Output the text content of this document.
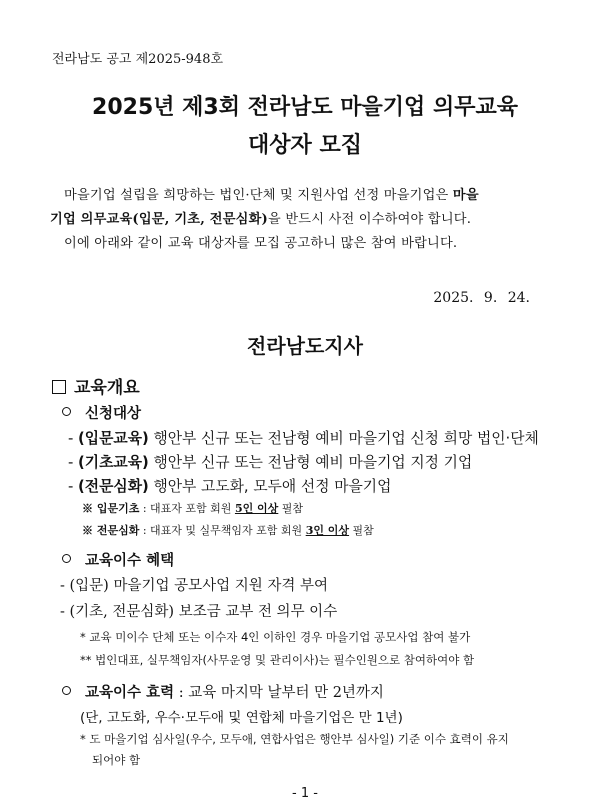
전라남도 공고 제2025-948호
2025년 제3회 전라남도 마을기업 의무교육
대상자 모집
마을기업 설립을 희망하는 법인·단체 및 지원사업 선정 마을기업은 마을
기업 의무교육(입문, 기초, 전문심화)을 반드시 사전 이수하여야 합니다.
이에 아래와 같이 교육 대상자를 모집 공고하니 많은 참여 바랍니다.
2025. 9. 24.
전라남도지사
교육개요
신청대상
- (입문교육) 행안부 신규 또는 전남형 예비 마을기업 신청 희망 법인·단체
- (기초교육) 행안부 신규 또는 전남형 예비 마을기업 지정 기업
- (전문심화) 행안부 고도화, 모두애 선정 마을기업
※ 입문기초 : 대표자 포함 회원 5인 이상 필참
※ 전문심화 : 대표자 및 실무책임자 포함 회원 3인 이상 필참
교육이수 혜택
- (입문) 마을기업 공모사업 지원 자격 부여
- (기초, 전문심화) 보조금 교부 전 의무 이수
* 교육 미이수 단체 또는 이수자 4인 이하인 경우 마을기업 공모사업 참여 불가
** 법인대표, 실무책임자(사무운영 및 관리이사)는 필수인원으로 참여하여야 함
교육이수 효력 : 교육 마지막 날부터 만 2년까지
(단, 고도화, 우수·모두애 및 연합체 마을기업은 만 1년)
* 도 마을기업 심사일(우수, 모두애, 연합사업은 행안부 심사일) 기준 이수 효력이 유지
되어야 함
- 1 -
